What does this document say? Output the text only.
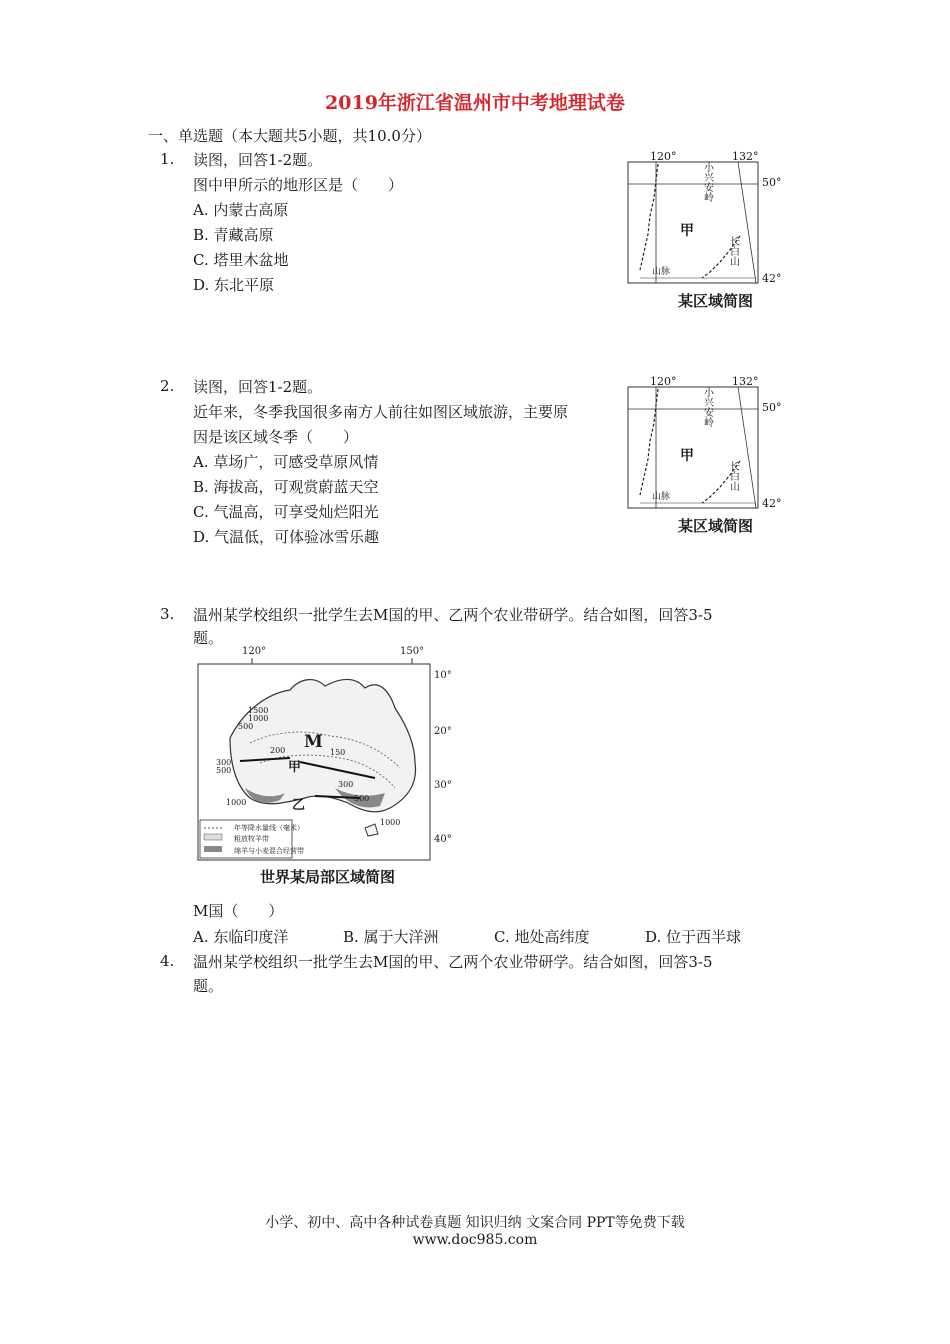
2019年浙江省温州市中考地理试卷
一、单选题（本大题共5小题，共10.0分）
1. 读图，回答1-2题。
图中甲所示的地形区是（　　）
A. 内蒙古高原
B. 青藏高原
C. 塔里木盆地
D. 东北平原
120°	132°
50°
42°
小
兴
安
岭
长
白
山
甲
山脉
某区域简图
2. 读图，回答1-2题。
近年来，冬季我国很多南方人前往如图区域旅游，主要原
因是该区域冬季（　　）
A. 草场广，可感受草原风情
B. 海拔高，可观赏蔚蓝天空
C. 气温高，可享受灿烂阳光
D. 气温低，可体验冰雪乐趣
120°	132°
50°
42°
小
兴
安
岭
长
白
山
甲
山脉
某区域简图
3. 温州某学校组织一批学生去M国的甲、乙两个农业带研学。结合如图，回答3-5
题。
120°	150°
10°
20°
30°
40°
M
甲
乙
1500
1000
500
300
200	150
300
500
1000	500
1000
年等降水量线（毫米）
粗放牧羊带
绵羊与小麦混合经营带
世界某局部区域简图
M国（　　）
A. 东临印度洋	B. 属于大洋洲	C. 地处高纬度	D. 位于西半球
4. 温州某学校组织一批学生去M国的甲、乙两个农业带研学。结合如图，回答3-5
题。
小学、初中、高中各种试卷真题 知识归纳 文案合同 PPT等免费下载
www.doc985.com
